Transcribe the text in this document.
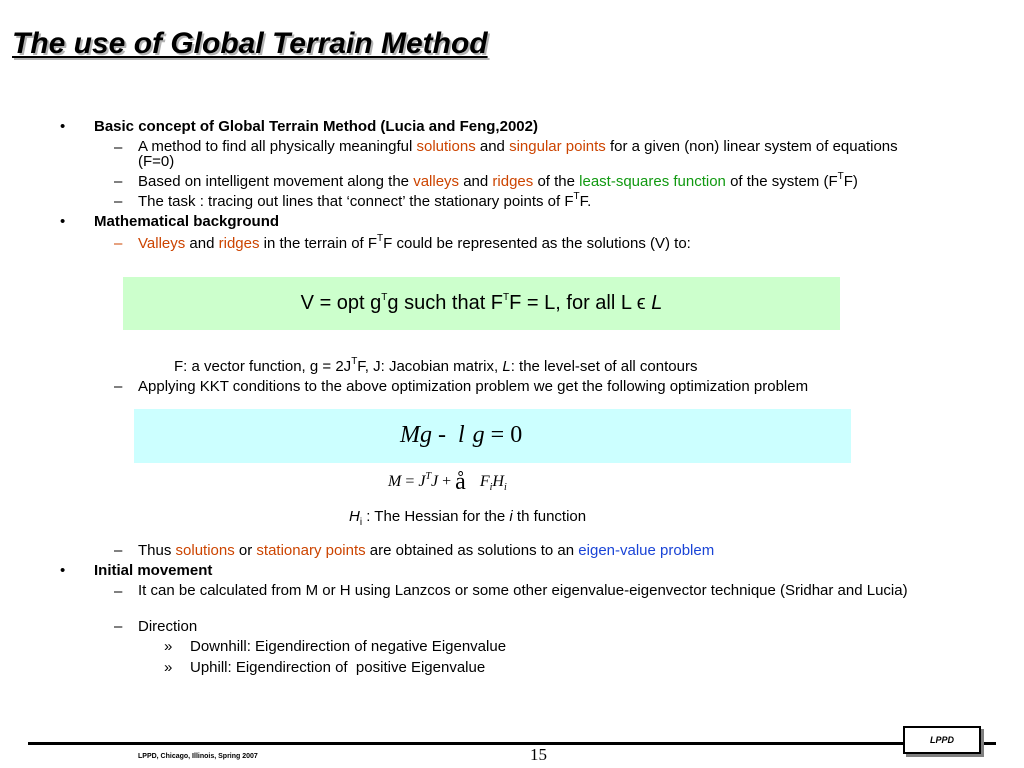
The use of Global Terrain Method
• Basic concept of Global Terrain Method (Lucia and Feng,2002)
– A method to find all physically meaningful solutions and singular points for a given (non) linear system of equations (F=0)
– Based on intelligent movement along the valleys and ridges of the least-squares function of the system $(F^TF)$
– The task : tracing out lines that ‘connect’ the stationary points of $F^TF$.
• Mathematical background
– Valleys and ridges in the terrain of $F^TF$ could be represented as the solutions (V) to:
V = opt $g^Tg$ such that $F^TF = L$, for all L ϵ L
F: a vector function, $g = 2J^TF$, J: Jacobian matrix, L: the level-set of all contours
– Applying KKT conditions to the above optimization problem we get the following optimization problem
Mg - l g = 0
$M = J^TJ$ + å $F_iH_i$
$H_i$ : The Hessian for the i th function
– Thus solutions or stationary points are obtained as solutions to an eigen-value problem
• Initial movement
– It can be calculated from M or H using Lanzcos or some other eigenvalue-eigenvector technique (Sridhar and Lucia)
– Direction
» Downhill: Eigendirection of negative Eigenvalue
» Uphill: Eigendirection of  positive Eigenvalue
LPPD
LPPD, Chicago, Illinois, Spring 2007	15
